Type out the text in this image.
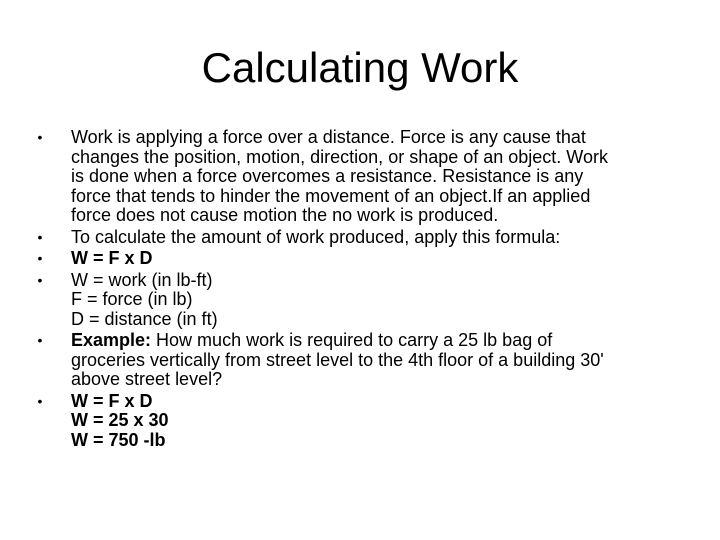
Calculating Work
•	Work is applying a force over a distance. Force is any cause that
changes the position, motion, direction, or shape of an object. Work
is done when a force overcomes a resistance. Resistance is any
force that tends to hinder the movement of an object.If an applied
force does not cause motion the no work is produced.
•	To calculate the amount of work produced, apply this formula:
•	W = F x D
•	W = work (in lb-ft)
F = force (in lb)
D = distance (in ft)
•	Example: How much work is required to carry a 25 lb bag of
groceries vertically from street level to the 4th floor of a building 30'
above street level?
•	W = F x D
W = 25 x 30
W = 750 -lb
